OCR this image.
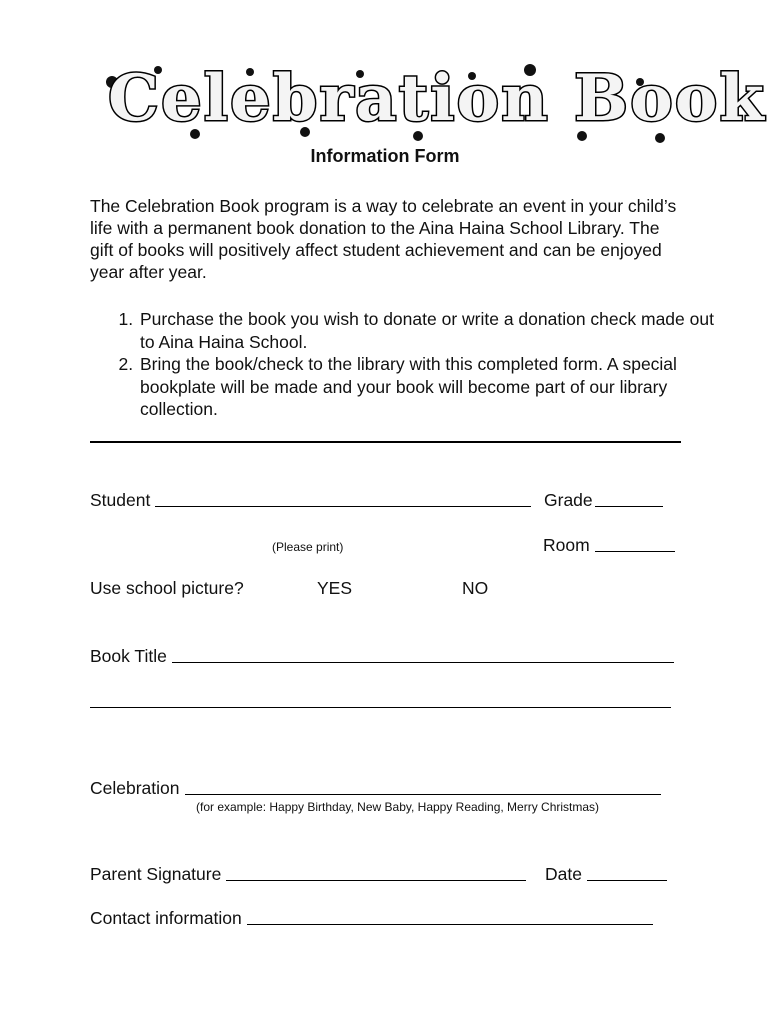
Celebration Book
Information Form
The Celebration Book program is a way to celebrate an event in your child’s life with a permanent book donation to the Aina Haina School Library. The gift of books will positively affect student achievement and can be enjoyed year after year.
1. Purchase the book you wish to donate or write a donation check made out to Aina Haina School.
2. Bring the book/check to the library with this completed form. A special bookplate will be made and your book will become part of our library collection.
Student	Grade
(Please print)	Room
Use school picture?	YES	NO
Book Title
Celebration
(for example: Happy Birthday, New Baby, Happy Reading, Merry Christmas)
Parent Signature	Date
Contact information
